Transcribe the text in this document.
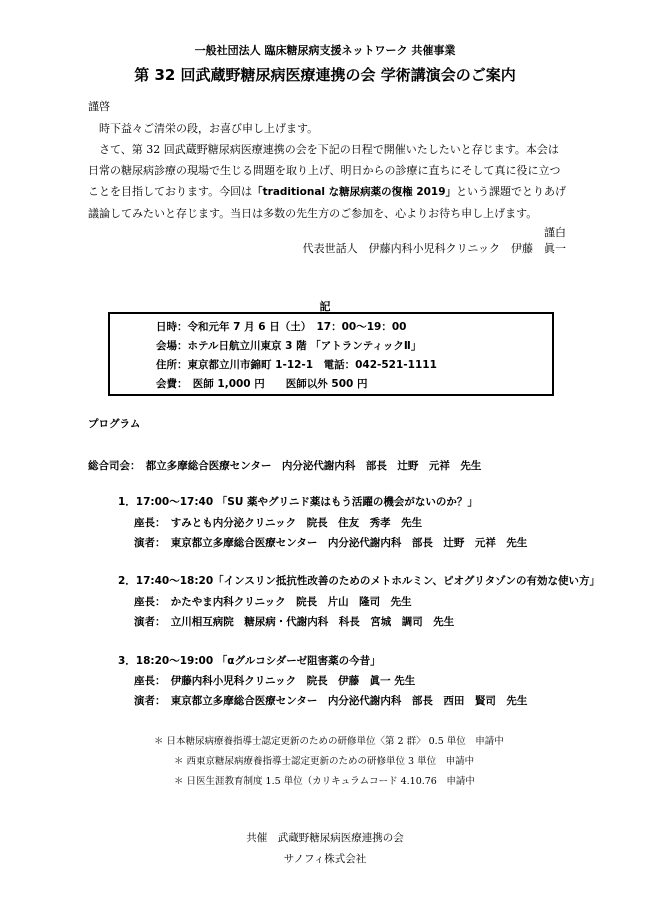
一般社団法人 臨床糖尿病支援ネットワーク 共催事業
第 32 回武蔵野糖尿病医療連携の会 学術講演会のご案内
謹啓

時下益々ご清栄の段，お喜び申し上げます。

さて、第 32 回武蔵野糖尿病医療連携の会を下記の日程で開催いたしたいと存じます。本会は日常の糖尿病診療の現場で生じる問題を取り上げ、明日からの診療に直ちにそして真に役に立つことを目指しております。今回は「traditional な糖尿病薬の復権 2019」という課題でとりあげ議論してみたいと存じます。当日は多数の先生方のご参加を、心よりお待ち申し上げます。

謹白
代表世話人　伊藤内科小児科クリニック　伊藤　眞一
記
日時：令和元年 7 月 6 日（土）　17：00～19：00
会場：ホテル日航立川東京 3 階 「アトランティックⅡ」
住所：東京都立川市錦町 1-12-1　電話：042-521-1111
会費：　医師 1,000 円　　医師以外 500 円
プログラム
総合司会：　都立多摩総合医療センター　内分泌代謝内科　部長　辻野　元祥　先生
1．17:00～17:40 「SU 薬やグリニド薬はもう活躍の機会がないのか？」
座長：　すみとも内分泌クリニック　院長　住友　秀孝　先生
演者：　東京都立多摩総合医療センター　内分泌代謝内科　部長　辻野　元祥　先生
2．17:40～18:20「インスリン抵抗性改善のためのメトホルミン、ピオグリタゾンの有効な使い方」
座長：　かたやま内科クリニック　院長　片山　隆司　先生
演者：　立川相互病院　糖尿病・代謝内科　科長　宮城　調司　先生
3．18:20～19:00 「αグルコシダーゼ阻害薬の今昔」
座長：　伊藤内科小児科クリニック　院長　伊藤　眞一 先生
演者：　東京都立多摩総合医療センター　内分泌代謝内科　部長　西田　賢司　先生
＊ 日本糖尿病療養指導士認定更新のための研修単位〈第 2 群〉 0.5 単位　申請中
＊ 西東京糖尿病療養指導士認定更新のための研修単位 3 単位　申請中
＊ 日医生涯教育制度 1.5 単位（カリキュラムコード 4.10.76　申請中
共催　武蔵野糖尿病医療連携の会
サノフィ株式会社
